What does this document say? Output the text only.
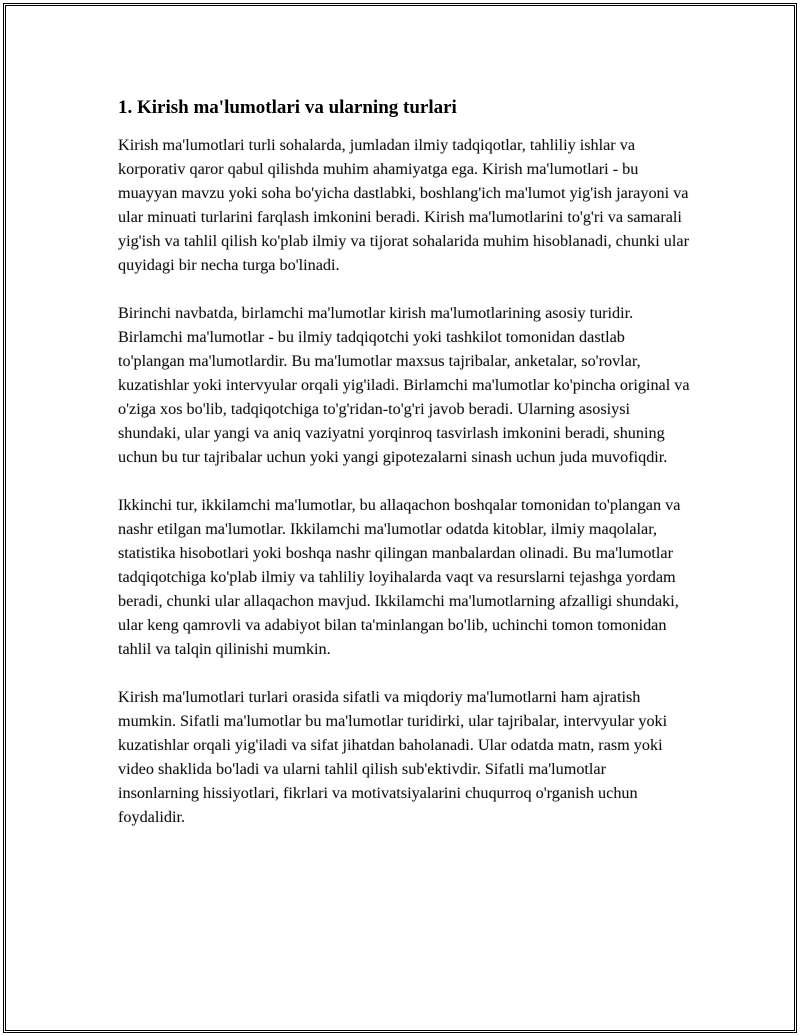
1. Kirish ma'lumotlari va ularning turlari

Kirish ma'lumotlari turli sohalarda, jumladan ilmiy tadqiqotlar, tahliliy ishlar va korporativ qaror qabul qilishda muhim ahamiyatga ega. Kirish ma'lumotlari - bu muayyan mavzu yoki soha bo'yicha dastlabki, boshlang'ich ma'lumot yig'ish jarayoni va ular minuati turlarini farqlash imkonini beradi. Kirish ma'lumotlarini to'g'ri va samarali yig'ish va tahlil qilish ko'plab ilmiy va tijorat sohalarida muhim hisoblanadi, chunki ular quyidagi bir necha turga bo'linadi.

Birinchi navbatda, birlamchi ma'lumotlar kirish ma'lumotlarining asosiy turidir. Birlamchi ma'lumotlar - bu ilmiy tadqiqotchi yoki tashkilot tomonidan dastlab to'plangan ma'lumotlardir. Bu ma'lumotlar maxsus tajribalar, anketalar, so'rovlar, kuzatishlar yoki intervyular orqali yig'iladi. Birlamchi ma'lumotlar ko'pincha original va o'ziga xos bo'lib, tadqiqotchiga to'g'ridan-to'g'ri javob beradi. Ularning asosiysi shundaki, ular yangi va aniq vaziyatni yorqinroq tasvirlash imkonini beradi, shuning uchun bu tur tajribalar uchun yoki yangi gipotezalarni sinash uchun juda muvofiqdir.

Ikkinchi tur, ikkilamchi ma'lumotlar, bu allaqachon boshqalar tomonidan to'plangan va nashr etilgan ma'lumotlar. Ikkilamchi ma'lumotlar odatda kitoblar, ilmiy maqolalar, statistika hisobotlari yoki boshqa nashr qilingan manbalardan olinadi. Bu ma'lumotlar tadqiqotchiga ko'plab ilmiy va tahliliy loyihalarda vaqt va resurslarni tejashga yordam beradi, chunki ular allaqachon mavjud. Ikkilamchi ma'lumotlarning afzalligi shundaki, ular keng qamrovli va adabiyot bilan ta'minlangan bo'lib, uchinchi tomon tomonidan tahlil va talqin qilinishi mumkin.

Kirish ma'lumotlari turlari orasida sifatli va miqdoriy ma'lumotlarni ham ajratish mumkin. Sifatli ma'lumotlar bu ma'lumotlar turidirki, ular tajribalar, intervyular yoki kuzatishlar orqali yig'iladi va sifat jihatdan baholanadi. Ular odatda matn, rasm yoki video shaklida bo'ladi va ularni tahlil qilish sub'ektivdir. Sifatli ma'lumotlar insonlarning hissiyotlari, fikrlari va motivatsiyalarini chuqurroq o'rganish uchun foydalidir.
